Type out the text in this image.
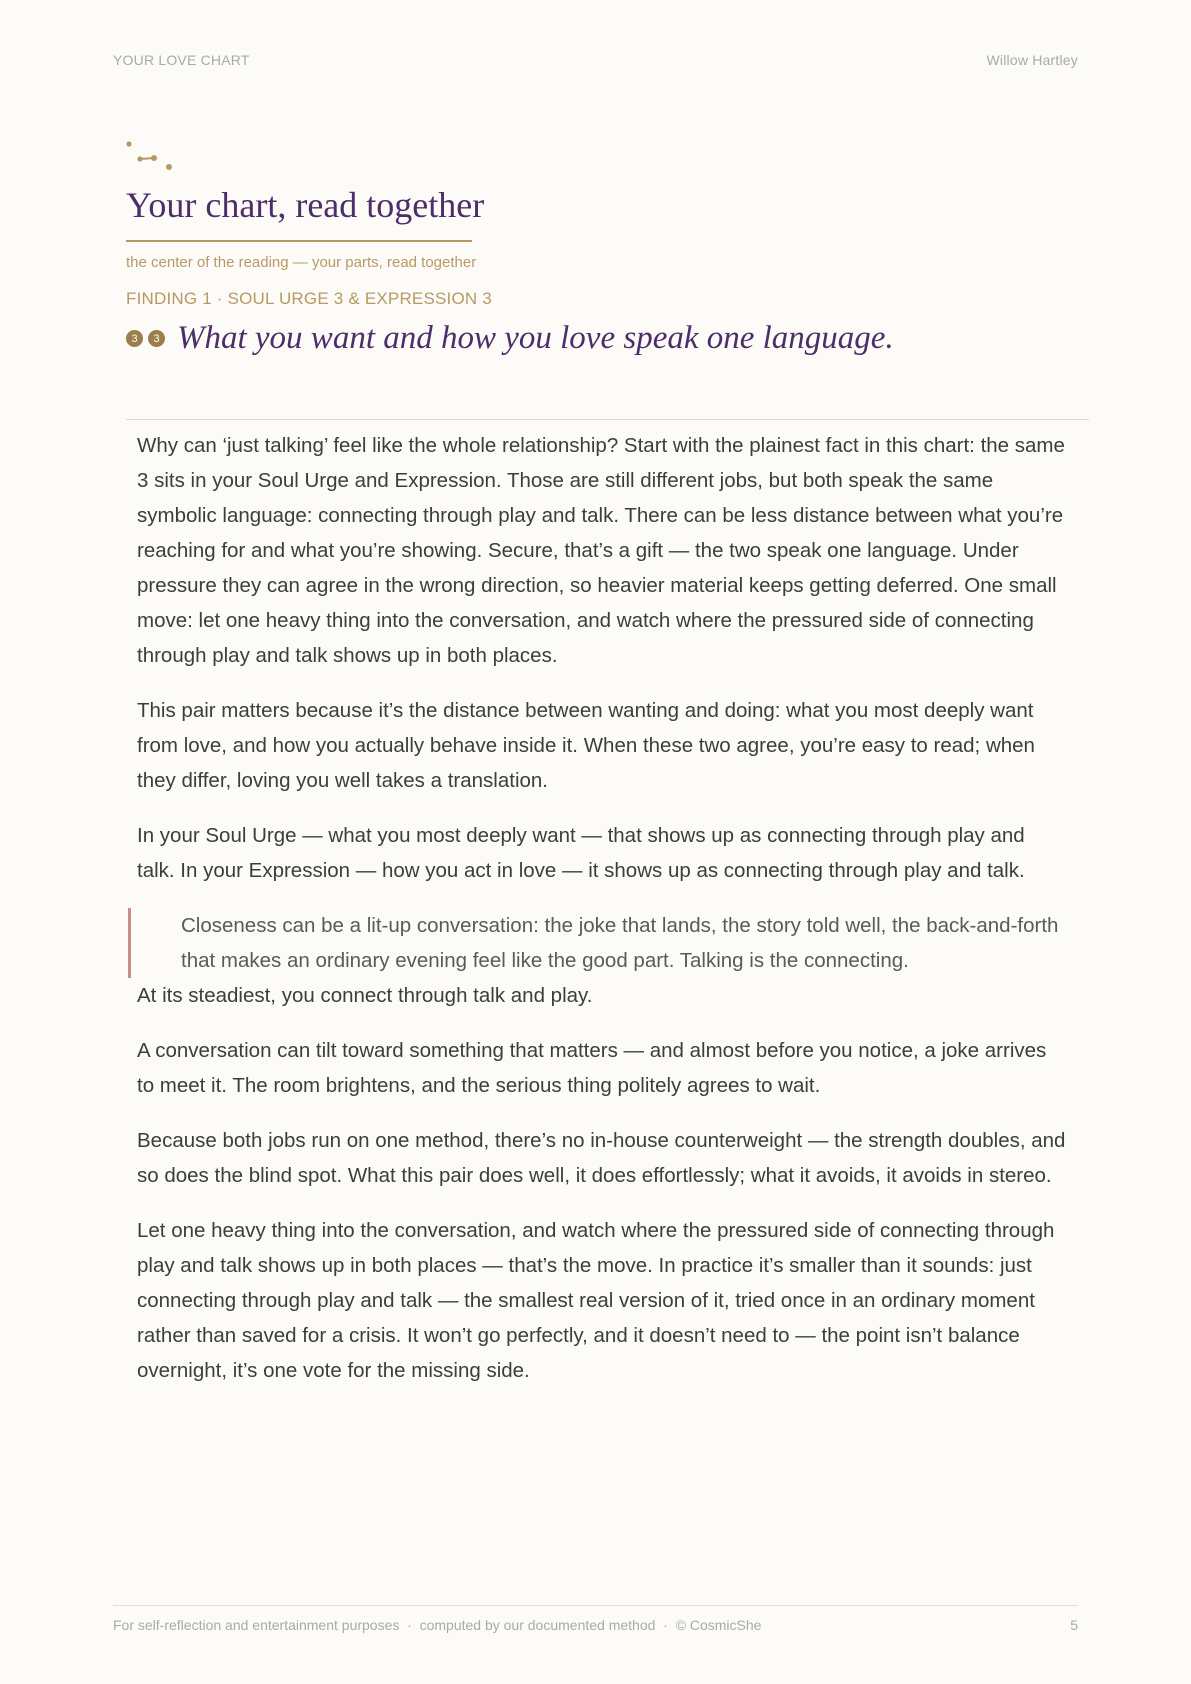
YOUR LOVE CHART	Willow Hartley
Your chart, read together
the center of the reading — your parts, read together
FINDING 1 · SOUL URGE 3 & EXPRESSION 3
3	3 What you want and how you love speak one language.

Why can ‘just talking’ feel like the whole relationship? Start with the plainest fact in this chart: the same 3 sits in your Soul Urge and Expression. Those are still different jobs, but both speak the same symbolic language: connecting through play and talk. There can be less distance between what you’re reaching for and what you’re showing. Secure, that’s a gift — the two speak one language. Under pressure they can agree in the wrong direction, so heavier material keeps getting deferred. One small move: let one heavy thing into the conversation, and watch where the pressured side of connecting through play and talk shows up in both places.

This pair matters because it’s the distance between wanting and doing: what you most deeply want from love, and how you actually behave inside it. When these two agree, you’re easy to read; when they differ, loving you well takes a translation.

In your Soul Urge — what you most deeply want — that shows up as connecting through play and talk. In your Expression — how you act in love — it shows up as connecting through play and talk.

Closeness can be a lit-up conversation: the joke that lands, the story told well, the back-and-forth that makes an ordinary evening feel like the good part. Talking is the connecting.

At its steadiest, you connect through talk and play.

A conversation can tilt toward something that matters — and almost before you notice, a joke arrives to meet it. The room brightens, and the serious thing politely agrees to wait.

Because both jobs run on one method, there’s no in-house counterweight — the strength doubles, and so does the blind spot. What this pair does well, it does effortlessly; what it avoids, it avoids in stereo.

Let one heavy thing into the conversation, and watch where the pressured side of connecting through play and talk shows up in both places — that’s the move. In practice it’s smaller than it sounds: just connecting through play and talk — the smallest real version of it, tried once in an ordinary moment rather than saved for a crisis. It won’t go perfectly, and it doesn’t need to — the point isn’t balance overnight, it’s one vote for the missing side.

For self-reflection and entertainment purposes  ·  computed by our documented method  ·  © CosmicShe	5
